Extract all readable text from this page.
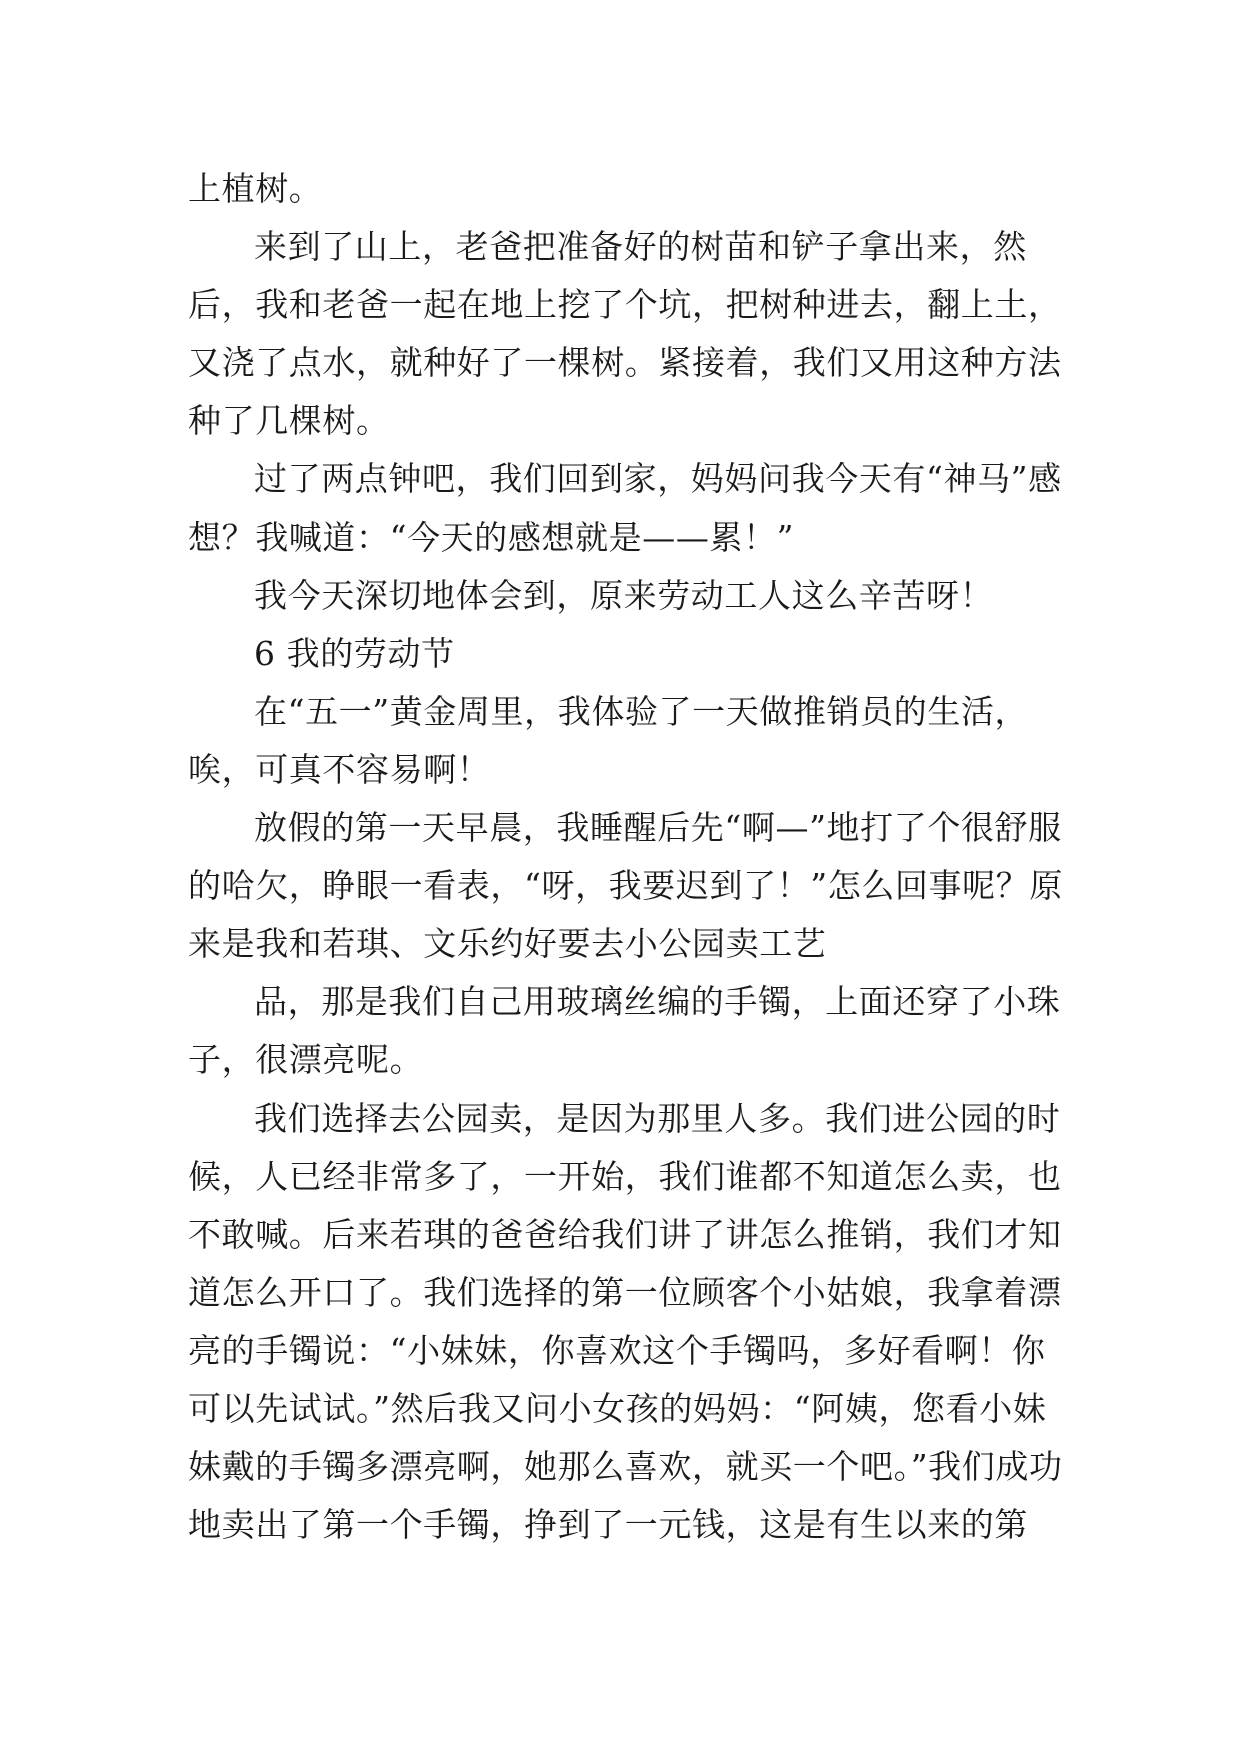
上植树。

来到了山上，老爸把准备好的树苗和铲子拿出来，然后，我和老爸一起在地上挖了个坑，把树种进去，翻上土，又浇了点水，就种好了一棵树。紧接着，我们又用这种方法种了几棵树。

过了两点钟吧，我们回到家，妈妈问我今天有“神马”感想？我喊道：“今天的感想就是——累！”

我今天深切地体会到，原来劳动工人这么辛苦呀！

6 我的劳动节

在“五一”黄金周里，我体验了一天做推销员的生活，唉，可真不容易啊！

放假的第一天早晨，我睡醒后先“啊—”地打了个很舒服的哈欠，睁眼一看表，“呀，我要迟到了！”怎么回事呢？原来是我和若琪、文乐约好要去小公园卖工艺

品，那是我们自己用玻璃丝编的手镯，上面还穿了小珠子，很漂亮呢。

我们选择去公园卖，是因为那里人多。我们进公园的时候，人已经非常多了，一开始，我们谁都不知道怎么卖，也不敢喊。后来若琪的爸爸给我们讲了讲怎么推销，我们才知道怎么开口了。我们选择的第一位顾客个小姑娘，我拿着漂亮的手镯说：“小妹妹，你喜欢这个手镯吗，多好看啊！你可以先试试。”然后我又问小女孩的妈妈：“阿姨，您看小妹妹戴的手镯多漂亮啊，她那么喜欢，就买一个吧。”我们成功地卖出了第一个手镯，挣到了一元钱，这是有生以来的第
